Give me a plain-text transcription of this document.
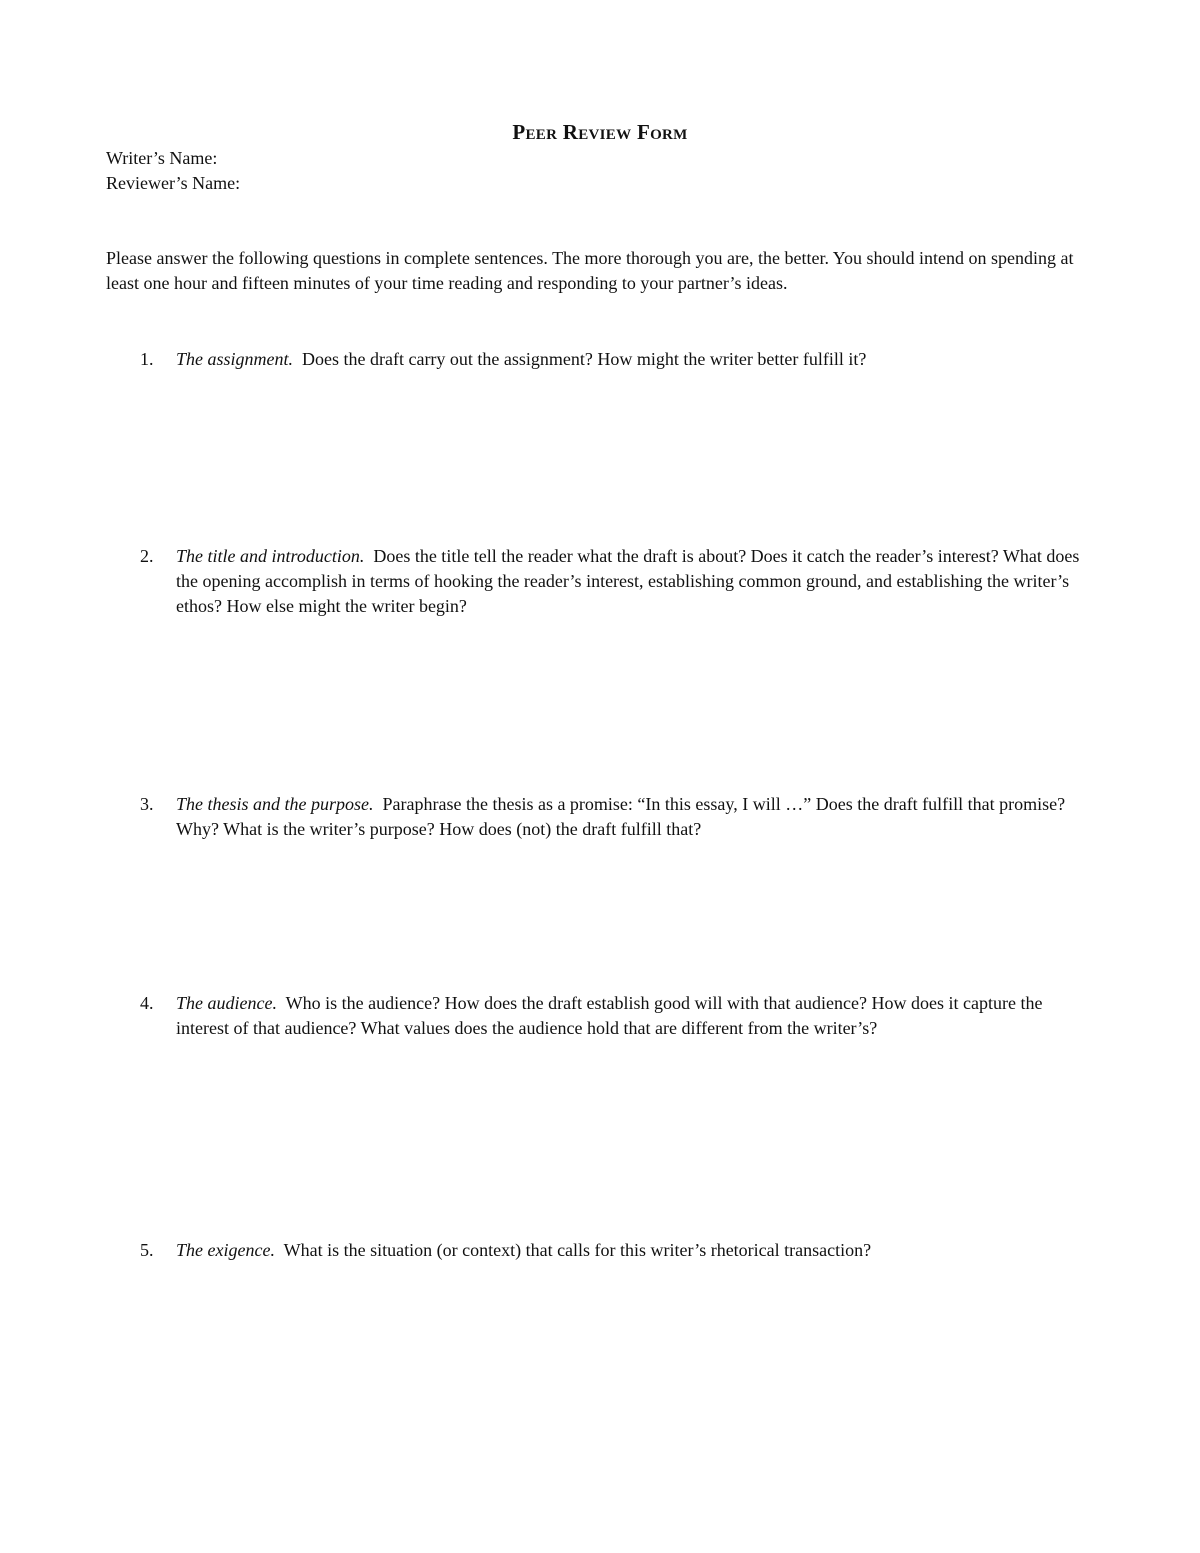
Peer Review Form
Writer’s Name:
Reviewer’s Name:
Please answer the following questions in complete sentences. The more thorough you are, the better. You should intend on spending at least one hour and fifteen minutes of your time reading and responding to your partner’s ideas.
1. The assignment. Does the draft carry out the assignment? How might the writer better fulfill it?
2. The title and introduction. Does the title tell the reader what the draft is about? Does it catch the reader’s interest? What does the opening accomplish in terms of hooking the reader’s interest, establishing common ground, and establishing the writer’s ethos? How else might the writer begin?
3. The thesis and the purpose. Paraphrase the thesis as a promise: “In this essay, I will …” Does the draft fulfill that promise? Why? What is the writer’s purpose? How does (not) the draft fulfill that?
4. The audience. Who is the audience? How does the draft establish good will with that audience? How does it capture the interest of that audience? What values does the audience hold that are different from the writer’s?
5. The exigence. What is the situation (or context) that calls for this writer’s rhetorical transaction?
